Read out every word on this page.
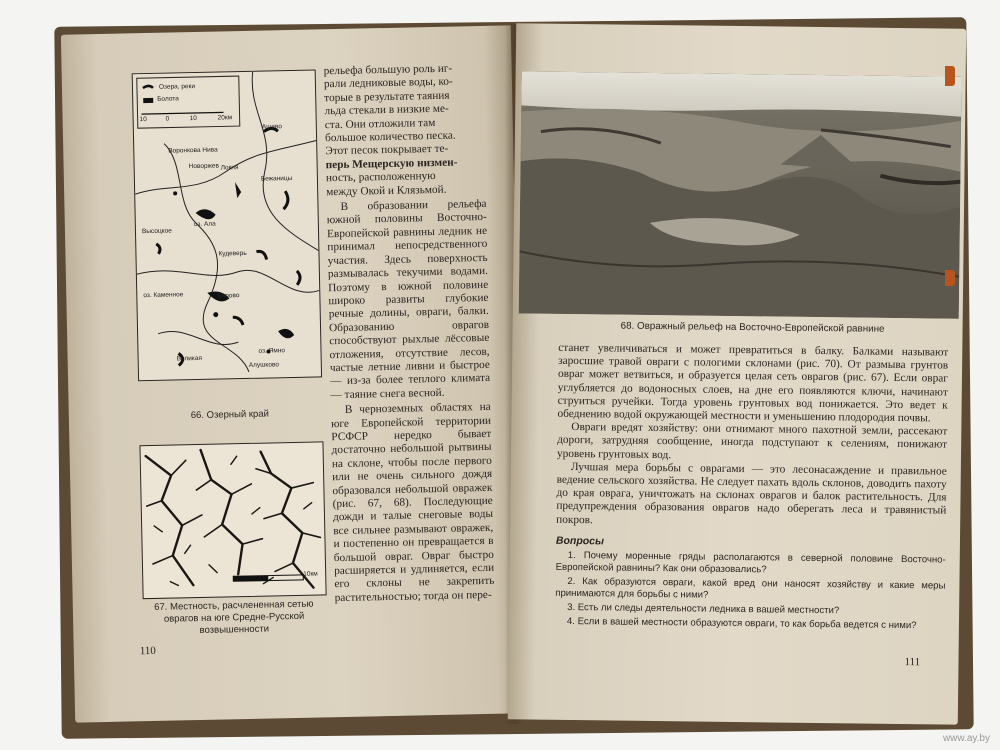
Озера, реки
Болота
10	0	10	20км
Ашево
Воронкова Нива
Новоржев Локня
Бежаницы
Высоцкое
оз. Ала
Кудеверь
оз. Каменное	Барово
Великая
оз. Ямно
Алушково
66. Озерный край
10км
67. Местность, расчлененная сетью оврагов на юге Средне-Русской возвышенности

рельефа большую роль иг-

рали ледниковые воды, ко-

торые в результате таяния

льда стекали в низкие ме-

ста. Они отложили там

большое количество песка.

Этот песок покрывает те-

перь Мещерскую низмен-

ность, расположенную

между Окой и Клязьмой.

В образовании рельефа южной половины Восточно-Европейской равнины ледник не принимал непосредственного участия. Здесь поверхность размывалась текучими водами. Поэтому в южной половине широко развиты глубокие речные долины, овраги, балки. Образованию оврагов способствуют рыхлые лёссовые отложения, отсутствие лесов, частые летние ливни и быстрое — из-за более теплого климата — таяние снега весной.

В черноземных областях на юге Европейской территории РСФСР нередко бывает достаточно небольшой рытвины на склоне, чтобы после первого или не очень сильного дождя образовался небольшой овражек (рис. 67, 68). Последующие дожди и талые снеговые воды все сильнее размывают овражек, и постепенно он превращается в большой овраг. Овраг быстро расширяется и удлиняется, если его склоны не закрепить растительностью; тогда он пере-

110
68. Овражный рельеф на Восточно-Европейской равнине

станет увеличиваться и может превратиться в балку. Балками называют заросшие травой овраги с пологими склонами (рис. 70). От размыва грунтов овраг может ветвиться, и образуется целая сеть оврагов (рис. 67). Если овраг углубляется до водоносных слоев, на дне его появляются ключи, начинают струиться ручейки. Тогда уровень грунтовых вод понижается. Это ведет к обеднению водой окружающей местности и уменьшению плодородия почвы.

Овраги вредят хозяйству: они отнимают много пахотной земли, рассекают дороги, затрудняя сообщение, иногда подступают к селениям, понижают уровень грунтовых вод.

Лучшая мера борьбы с оврагами — это лесонасаждение и правильное ведение сельского хозяйства. Не следует пахать вдоль склонов, доводить пахоту до края оврага, уничтожать на склонах оврагов и балок растительность. Для предупреждения образования оврагов надо оберегать леса и травянистый покров.

Вопросы

1. Почему моренные гряды располагаются в северной половине Восточно-Европейской равнины? Как они образовались?

2. Как образуются овраги, какой вред они наносят хозяйству и какие меры принимаются для борьбы с ними?

3. Есть ли следы деятельности ледника в вашей местности?

4. Если в вашей местности образуются овраги, то как борьба ведется с ними?

111
www.ay.by
